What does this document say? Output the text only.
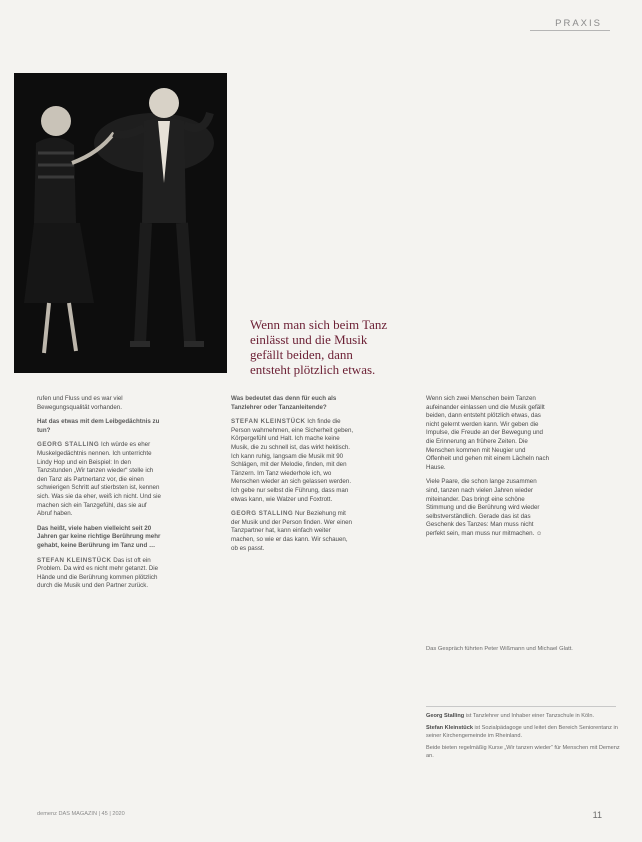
PRAXIS
Wenn man sich beim Tanz einlässt und die Musik gefällt beiden, dann entsteht plötzlich etwas.

rufen und Fluss und es war viel Bewegungsqualität vorhanden.

Hat das etwas mit dem Leibgedächtnis zu tun?

GEORG STALLING Ich würde es eher Muskelgedächtnis nennen. Ich unterrichte Lindy Hop und ein Beispiel: In den Tanzstunden „Wir tanzen wieder“ stelle ich den Tanz als Partnertanz vor, die einen schwierigen Schritt auf stierbsten ist, kennen sich. Was sie da eher, weiß ich nicht. Und sie machen sich ein Tanzgefühl, das sie auf Abruf haben.

Das heißt, viele haben vielleicht seit 20 Jahren gar keine richtige Berührung mehr gehabt, keine Berührung im Tanz und …

STEFAN KLEINSTÜCK Das ist oft ein Problem. Da wird es nicht mehr getanzt. Die Hände und die Berührung kommen plötzlich durch die Musik und den Partner zurück.

Was bedeutet das denn für euch als Tanzlehrer oder Tanzanleitende?

STEFAN KLEINSTÜCK Ich finde die Person wahrnehmen, eine Sicherheit geben, Körpergefühl und Halt. Ich mache keine Musik, die zu schnell ist, das wirkt hektisch. Ich kann ruhig, langsam die Musik mit 90 Schlägen, mit der Melodie, finden, mit den Tänzern. Im Tanz wiederhole ich, wo Menschen wieder an sich gelassen werden. Ich gebe nur selbst die Führung, dass man etwas kann, wie Walzer und Foxtrott.

GEORG STALLING Nur Beziehung mit der Musik und der Person finden. Wer einen Tanzpartner hat, kann einfach weiter machen, so wie er das kann. Wir schauen, ob es passt.

Wenn sich zwei Menschen beim Tanzen aufeinander einlassen und die Musik gefällt beiden, dann entsteht plötzlich etwas, das nicht gelernt werden kann. Wir geben die Impulse, die Freude an der Bewegung und die Erinnerung an frühere Zeiten. Die Menschen kommen mit Neugier und Offenheit und gehen mit einem Lächeln nach Hause.

Viele Paare, die schon lange zusammen sind, tanzen nach vielen Jahren wieder miteinander. Das bringt eine schöne Stimmung und die Berührung wird wieder selbstverständlich. Gerade das ist das Geschenk des Tanzes: Man muss nicht perfekt sein, man muss nur mitmachen. ☺

Das Gespräch führten Peter Wißmann und Michael Glatt.

Georg Stalling ist Tanzlehrer und Inhaber einer Tanzschule in Köln.

Stefan Kleinstück ist Sozialpädagoge und leitet den Bereich Seniorentanz in seiner Kirchengemeinde im Rheinland.

Beide bieten regelmäßig Kurse „Wir tanzen wieder“ für Menschen mit Demenz an.

demenz DAS MAGAZIN | 45 | 2020	11
